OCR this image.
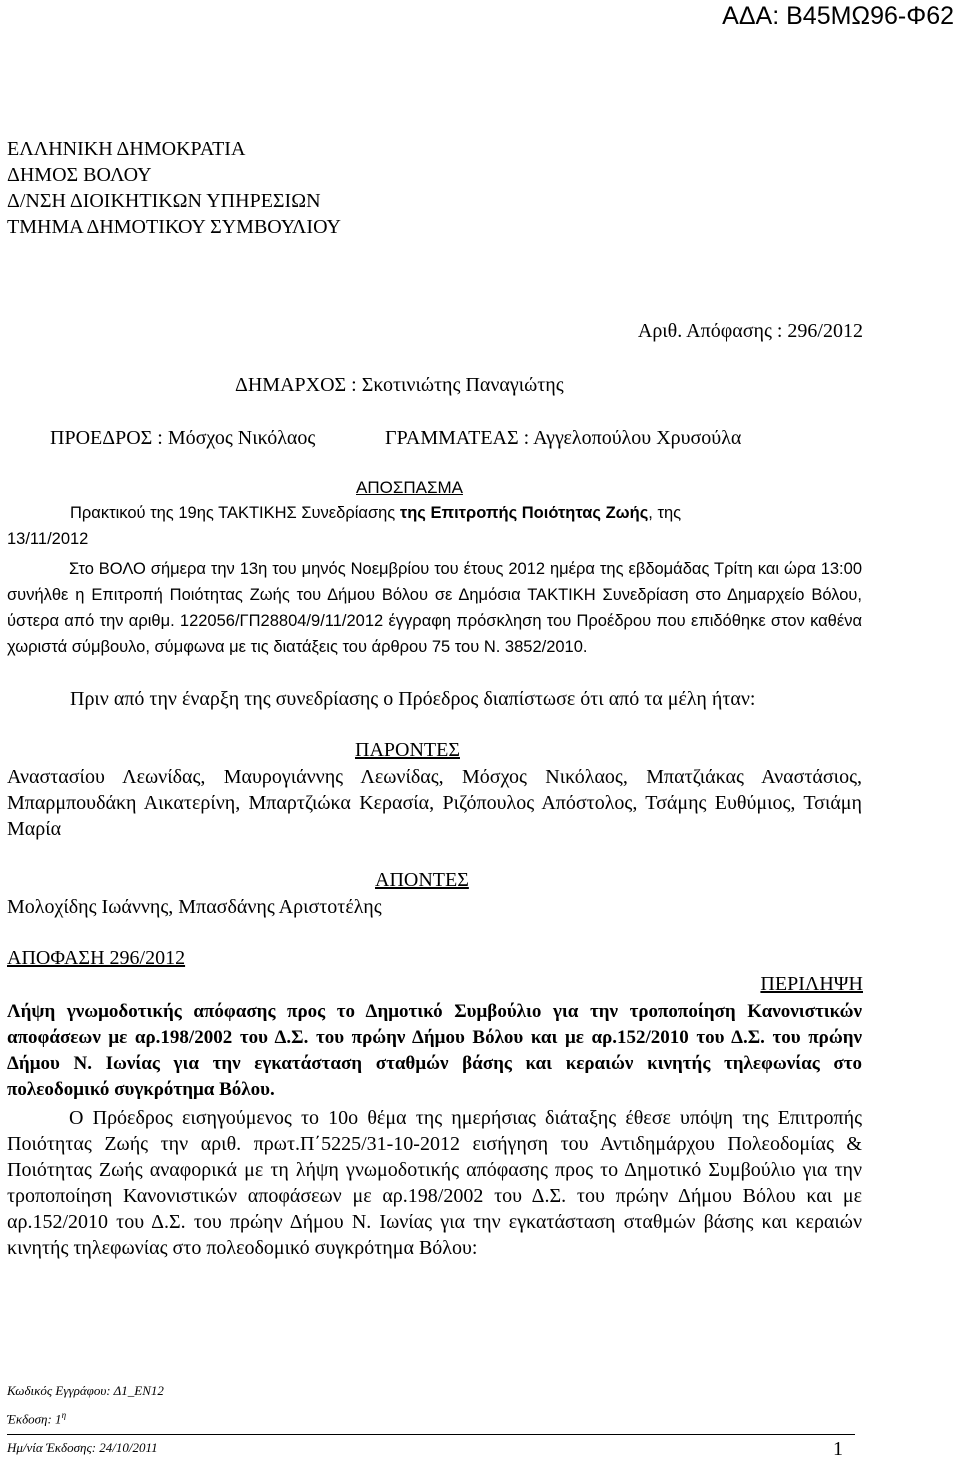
ΑΔΑ: Β45ΜΩ96-Φ62
ΕΛΛΗΝΙΚΗ ΔΗΜΟΚΡΑΤΙΑ
ΔΗΜΟΣ ΒΟΛΟΥ
Δ/ΝΣΗ ΔΙΟΙΚΗΤΙΚΩΝ ΥΠΗΡΕΣΙΩΝ
ΤΜΗΜΑ ΔΗΜΟΤΙΚΟΥ ΣΥΜΒΟΥΛΙΟΥ
Αριθ. Απόφασης : 296/2012
ΔΗΜΑΡΧΟΣ : Σκοτινιώτης Παναγιώτης
ΠΡΟΕΔΡΟΣ : Μόσχος Νικόλαος	ΓΡΑΜΜΑΤΕΑΣ : Αγγελοπούλου Χρυσούλα
ΑΠΟΣΠΑΣΜΑ
Πρακτικού της 19ης ΤΑΚΤΙΚΗΣ Συνεδρίασης της Επιτροπής Ποιότητας Ζωής, της
13/11/2012
Στο ΒΟΛΟ σήμερα την 13η του μηνός Νοεμβρίου του έτους 2012 ημέρα της εβδομάδας Τρίτη και ώρα 13:00 συνήλθε η Επιτροπή Ποιότητας Ζωής του Δήμου Βόλου σε Δημόσια ΤΑΚΤΙΚΗ Συνεδρίαση στο Δημαρχείο Βόλου, ύστερα από την αριθμ. 122056/ΓΠ28804/9/11/2012 έγγραφη πρόσκληση του Προέδρου που επιδόθηκε στον καθένα χωριστά σύμβουλο, σύμφωνα με τις διατάξεις του άρθρου 75 του Ν. 3852/2010.
Πριν από την έναρξη της συνεδρίασης ο Πρόεδρος διαπίστωσε ότι από τα μέλη ήταν:
ΠΑΡΟΝΤΕΣ
Αναστασίου Λεωνίδας, Μαυρογιάννης Λεωνίδας, Μόσχος Νικόλαος, Μπατζιάκας Αναστάσιος, Μπαρμπουδάκη Αικατερίνη, Μπαρτζιώκα Κερασία, Ριζόπουλος Απόστολος, Τσάμης Ευθύμιος, Τσιάμη Μαρία
ΑΠΟΝΤΕΣ
Μολοχίδης Ιωάννης, Μπασδάνης Αριστοτέλης
ΑΠΟΦΑΣΗ 296/2012
ΠΕΡΙΛΗΨΗ
Λήψη γνωμοδοτικής απόφασης προς το Δημοτικό Συμβούλιο για την τροποποίηση Κανονιστικών αποφάσεων με αρ.198/2002 του Δ.Σ. του πρώην Δήμου Βόλου και με αρ.152/2010 του Δ.Σ. του πρώην Δήμου Ν. Ιωνίας για την εγκατάσταση σταθμών βάσης και κεραιών κινητής τηλεφωνίας στο πολεοδομικό συγκρότημα Βόλου.
Ο Πρόεδρος εισηγούμενος το 10ο θέμα της ημερήσιας διάταξης έθεσε υπόψη της Επιτροπής Ποιότητας Ζωής την αριθ. πρωτ.Π΄5225/31-10-2012 εισήγηση του Αντιδημάρχου Πολεοδομίας & Ποιότητας Ζωής αναφορικά με τη λήψη γνωμοδοτικής απόφασης προς το Δημοτικό Συμβούλιο για την τροποποίηση Κανονιστικών αποφάσεων με αρ.198/2002 του Δ.Σ. του πρώην Δήμου Βόλου και με αρ.152/2010 του Δ.Σ. του πρώην Δήμου Ν. Ιωνίας για την εγκατάσταση σταθμών βάσης και κεραιών κινητής τηλεφωνίας στο πολεοδομικό συγκρότημα Βόλου:
Κωδικός Εγγράφου: Δ1_ΕΝ12
Έκδοση: $1^\eta$
Ημ/νία Έκδοσης: 24/10/2011	1
